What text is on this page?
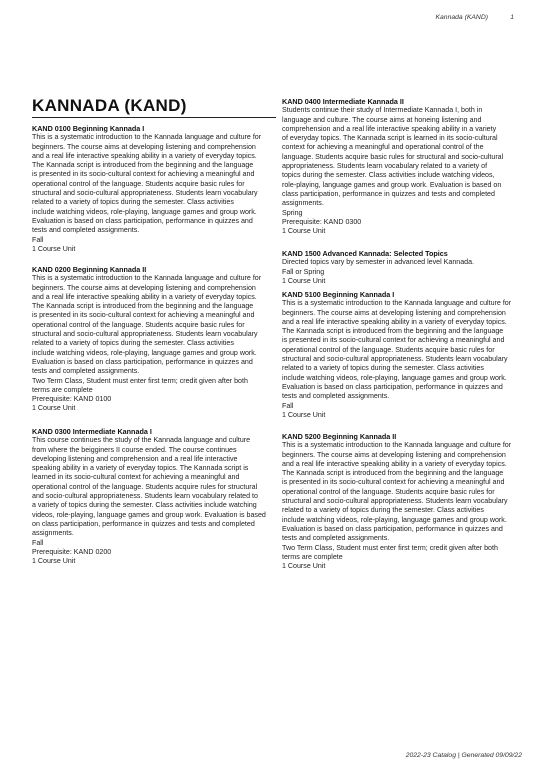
Kannada (KAND)	1
KANNADA (KAND)
KAND 0100 Beginning Kannada I
This is a systematic introduction to the Kannada language and culture for
beginners. The course aims at developing listening and comprehension
and a real life interactive speaking ability in a variety of everyday topics.
The Kannada script is introduced from the beginning and the language
is presented in its socio-cultural context for achieving a meaningful and
operational control of the language. Students acquire basic rules for
structural and socio-cultural appropriateness. Students learn vocabulary
related to a variety of topics during the semester. Class activities
include watching videos, role-playing, language games and group work.
Evaluation is based on class participation, performance in quizzes and
tests and completed assignments.
Fall
1 Course Unit
KAND 0200 Beginning Kannada II
This is a systematic introduction to the Kannada language and culture for
beginners. The course aims at developing listening and comprehension
and a real life interactive speaking ability in a variety of everyday topics.
The Kannada script is introduced from the beginning and the language
is presented in its socio-cultural context for achieving a meaningful and
operational control of the language. Students acquire basic rules for
structural and socio-cultural appropriateness. Students learn vocabulary
related to a variety of topics during the semester. Class activities
include watching videos, role-playing, language games and group work.
Evaluation is based on class participation, performance in quizzes and
tests and completed assignments.
Two Term Class, Student must enter first term; credit given after both
terms are complete
Prerequisite: KAND 0100
1 Course Unit
KAND 0300 Intermediate Kannada I
This course continues the study of the Kannada language and culture
from where the beigginers II course ended. The course continues
developing listening and comprehension and a real life interactive
speaking ability in a variety of everyday topics. The Kannada script is
learned in its socio-cultural context for achieving a meaningful and
operational control of the language. Students acquire rules for structural
and socio-cultural appropriateness. Students learn vocabulary related to
a variety of topics during the semester. Class activities include watching
videos, role-playing, language games and group work. Evaluation is based
on class participation, performance in quizzes and tests and completed
assignments.
Fall
Prerequisite: KAND 0200
1 Course Unit
KAND 0400 Intermediate Kannada II
Students continue their study of Intermediate Kannada I, both in
language and culture. The course aims at honeing listening and
comprehension and a real life interactive speaking ability in a variety
of everyday topics. The Kannada script is learned in its socio-cultural
context for achieving a meaningful and operational control of the
language. Students acquire basic rules for structural and socio-cultural
appropriateness. Students learn vocabulary related to a variety of
topics during the semester. Class activities include watching videos,
role-playing, language games and group work. Evaluation is based on
class participation, performance in quizzes and tests and completed
assignments.
Spring
Prerequisite: KAND 0300
1 Course Unit
KAND 1500 Advanced Kannada: Selected Topics
Directed topics vary by semester in advanced level Kannada.
Fall or Spring
1 Course Unit
KAND 5100 Beginning Kannada I
This is a systematic introduction to the Kannada language and culture for
beginners. The course aims at developing listening and comprehension
and a real life interactive speaking ability in a variety of everyday topics.
The Kannada script is introduced from the beginning and the language
is presented in its socio-cultural context for achieving a meaningful and
operational control of the language. Students acquire basic rules for
structural and socio-cultural appropriateness. Students learn vocabulary
related to a variety of topics during the semester. Class activities
include watching videos, role-playing, language games and group work.
Evaluation is based on class participation, performance in quizzes and
tests and completed assignments.
Fall
1 Course Unit
KAND 5200 Beginning Kannada II
This is a systematic introduction to the Kannada language and culture for
beginners. The course aims at developing listening and comprehension
and a real life interactive speaking ability in a variety of everyday topics.
The Kannada script is introduced from the beginning and the language
is presented in its socio-cultural context for achieving a meaningful and
operational control of the language. Students acquire basic rules for
structural and socio-cultural appropriateness. Students learn vocabulary
related to a variety of topics during the semester. Class activities
include watching videos, role-playing, language games and group work.
Evaluation is based on class participation, performance in quizzes and
tests and completed assignments.
Two Term Class, Student must enter first term; credit given after both
terms are complete
1 Course Unit
2022-23 Catalog | Generated 09/09/22
